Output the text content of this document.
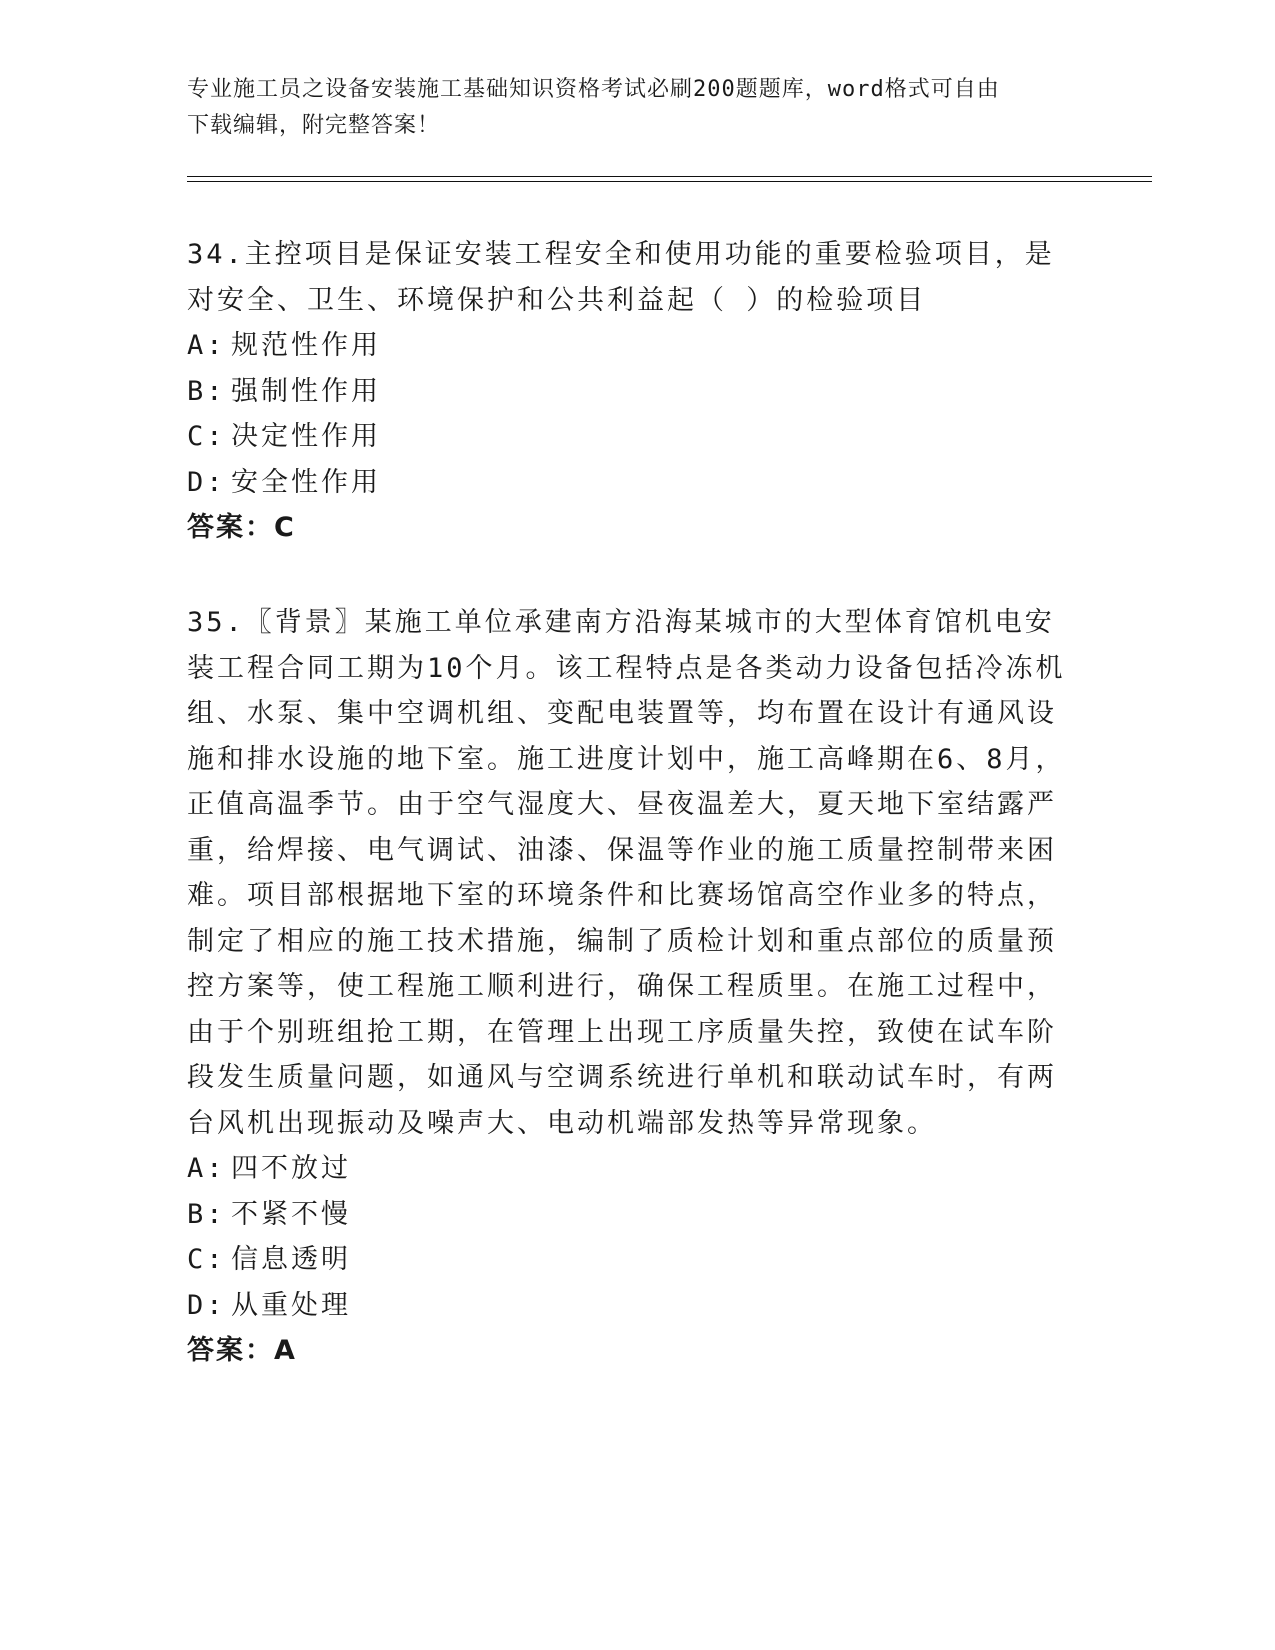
专业施工员之设备安装施工基础知识资格考试必刷200题题库，word格式可自由
下载编辑，附完整答案！

34.主控项目是保证安装工程安全和使用功能的重要检验项目，是对安全、卫生、环境保护和公共利益起（ ）的检验项目

A: 规范性作用

B: 强制性作用

C: 决定性作用

D: 安全性作用

答案：C

35.〖背景〗某施工单位承建南方沿海某城市的大型体育馆机电安装工程合同工期为10个月。该工程特点是各类动力设备包括冷冻机组、水泵、集中空调机组、变配电装置等，均布置在设计有通风设施和排水设施的地下室。施工进度计划中，施工高峰期在6、8月，正值高温季节。由于空气湿度大、昼夜温差大，夏天地下室结露严重，给焊接、电气调试、油漆、保温等作业的施工质量控制带来困难。项目部根据地下室的环境条件和比赛场馆高空作业多的特点，制定了相应的施工技术措施，编制了质检计划和重点部位的质量预控方案等，使工程施工顺利进行，确保工程质里。在施工过程中，由于个别班组抢工期，在管理上出现工序质量失控，致使在试车阶段发生质量问题，如通风与空调系统进行单机和联动试车时，有两台风机出现振动及噪声大、电动机端部发热等异常现象。

A: 四不放过

B: 不紧不慢

C: 信息透明

D: 从重处理

答案：A
